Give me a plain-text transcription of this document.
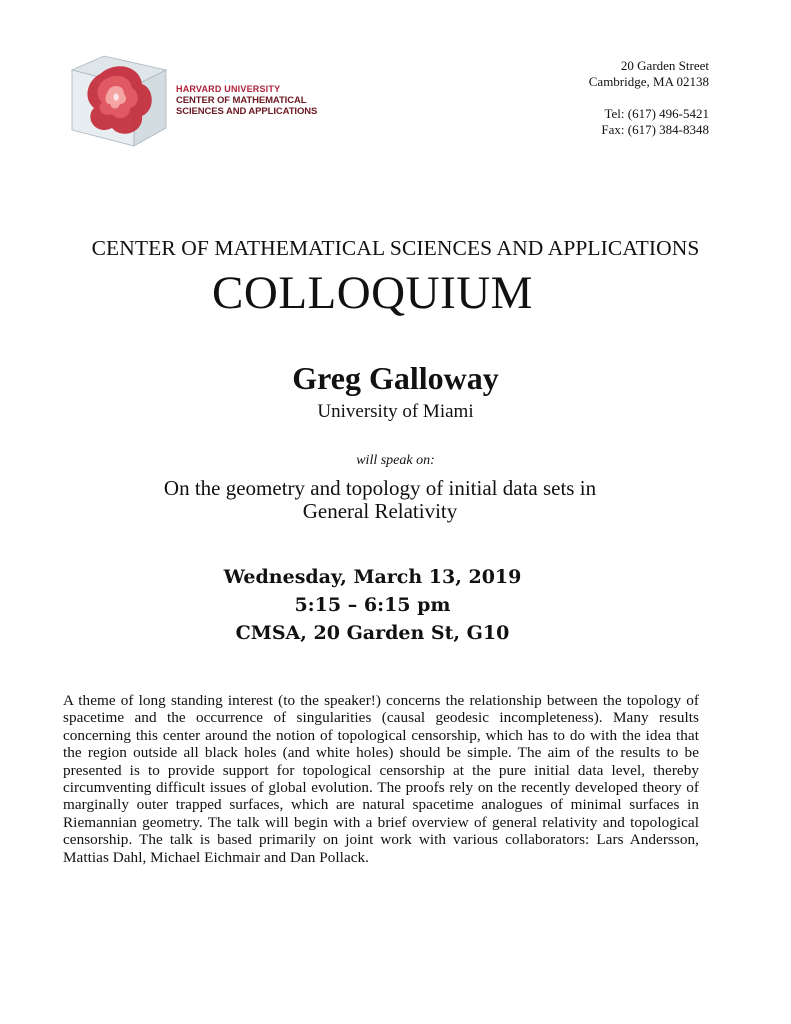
HARVARD UNIVERSITY
CENTER OF MATHEMATICAL
SCIENCES AND APPLICATIONS
20 Garden Street
Cambridge, MA 02138
Tel: (617) 496-5421
Fax: (617) 384-8348
CENTER OF MATHEMATICAL SCIENCES AND APPLICATIONS
COLLOQUIUM
Greg Galloway
University of Miami
will speak on:
On the geometry and topology of initial data sets in
General Relativity
Wednesday, March 13, 2019
5:15 – 6:15 pm
CMSA, 20 Garden St, G10
A theme of long standing interest (to the speaker!) concerns the relationship between the topology of spacetime and the occurrence of singularities (causal geodesic incompleteness). Many results concerning this center around the notion of topological censorship, which has to do with the idea that the region outside all black holes (and white holes) should be simple. The aim of the results to be presented is to provide support for topological censorship at the pure initial data level, thereby circumventing difficult issues of global evolution. The proofs rely on the recently developed theory of marginally outer trapped surfaces, which are natural spacetime analogues of minimal surfaces in Riemannian geometry. The talk will begin with a brief overview of general relativity and topological censorship. The talk is based primarily on joint work with various collaborators: Lars Andersson, Mattias Dahl, Michael Eichmair and Dan Pollack.
